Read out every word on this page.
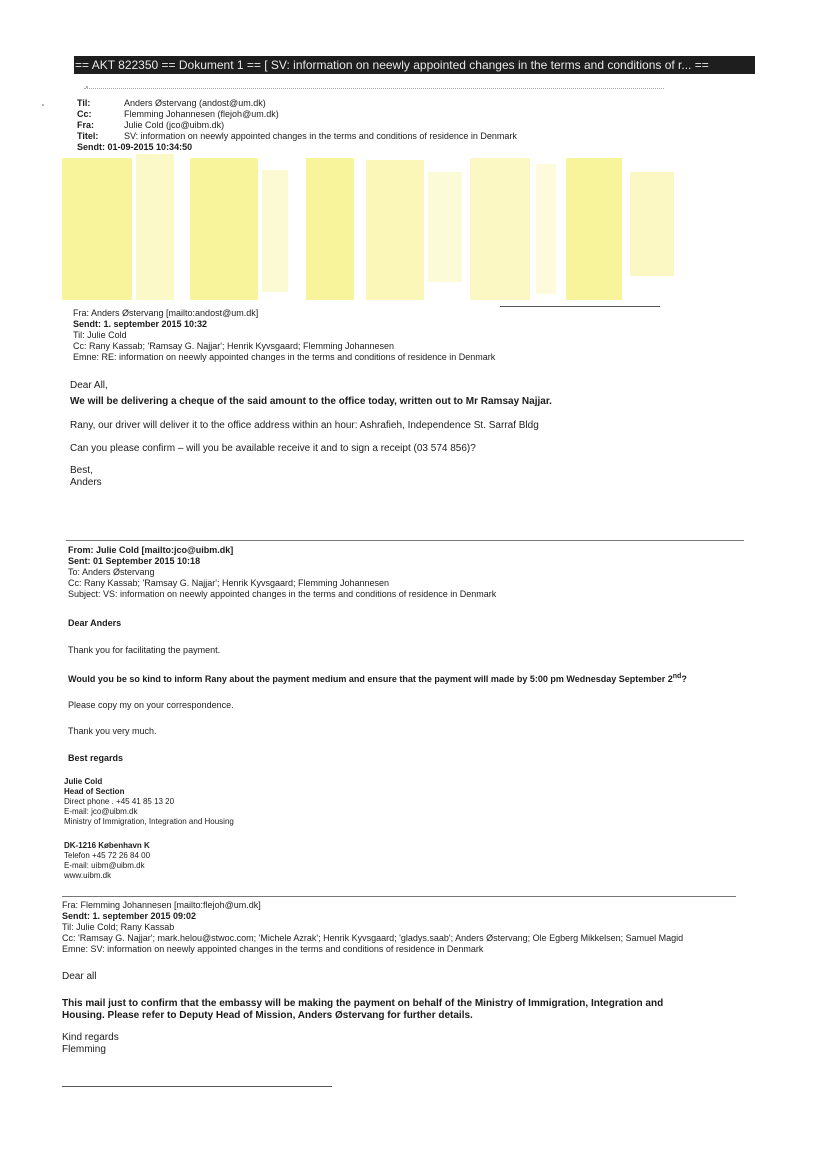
== AKT 822350 == Dokument 1 == [ SV: information on neewly appointed changes in the terms and conditions of r... ==
Til:	Anders Østervang (andost@um.dk)
Cc:	Flemming Johannesen (flejoh@um.dk)
Fra:	Julie Cold (jco@uibm.dk)
Titel:	SV: information on neewly appointed changes in the terms and conditions of residence in Denmark
Sendt: 01-09-2015 10:34:50
Fra: Anders Østervang [mailto:andost@um.dk]
Sendt: 1. september 2015 10:32
Til: Julie Cold
Cc: Rany Kassab; 'Ramsay G. Najjar'; Henrik Kyvsgaard; Flemming Johannesen
Emne: RE: information on neewly appointed changes in the terms and conditions of residence in Denmark
Dear All,
We will be delivering a cheque of the said amount to the office today, written out to Mr Ramsay Najjar.
Rany, our driver will deliver it to the office address within an hour: Ashrafieh, Independence St. Sarraf Bldg
Can you please confirm – will you be available receive it and to sign a receipt (03 574 856)?
Best,
Anders
From: Julie Cold [mailto:jco@uibm.dk]
Sent: 01 September 2015 10:18
To: Anders Østervang
Cc: Rany Kassab; 'Ramsay G. Najjar'; Henrik Kyvsgaard; Flemming Johannesen
Subject: VS: information on neewly appointed changes in the terms and conditions of residence in Denmark
Dear Anders
Thank you for facilitating the payment.
Would you be so kind to inform Rany about the payment medium and ensure that the payment will made by 5:00 pm Wednesday September 2nd?
Please copy my on your correspondence.
Thank you very much.
Best regards
Julie Cold
Head of Section
Direct phone . +45 41 85 13 20
E-mail: jco@uibm.dk
Ministry of Immigration, Integration and Housing
DK-1216 København K
Telefon +45 72 26 84 00
E-mail: uibm@uibm.dk
www.uibm.dk
Fra: Flemming Johannesen [mailto:flejoh@um.dk]
Sendt: 1. september 2015 09:02
Til: Julie Cold; Rany Kassab
Cc: 'Ramsay G. Najjar'; mark.helou@stwoc.com; 'Michele Azrak'; Henrik Kyvsgaard; 'gladys.saab'; Anders Østervang; Ole Egberg Mikkelsen; Samuel Magid
Emne: SV: information on neewly appointed changes in the terms and conditions of residence in Denmark
Dear all
This mail just to confirm that the embassy will be making the payment on behalf of the Ministry of Immigration, Integration and
Housing. Please refer to Deputy Head of Mission, Anders Østervang for further details.
Kind regards
Flemming
